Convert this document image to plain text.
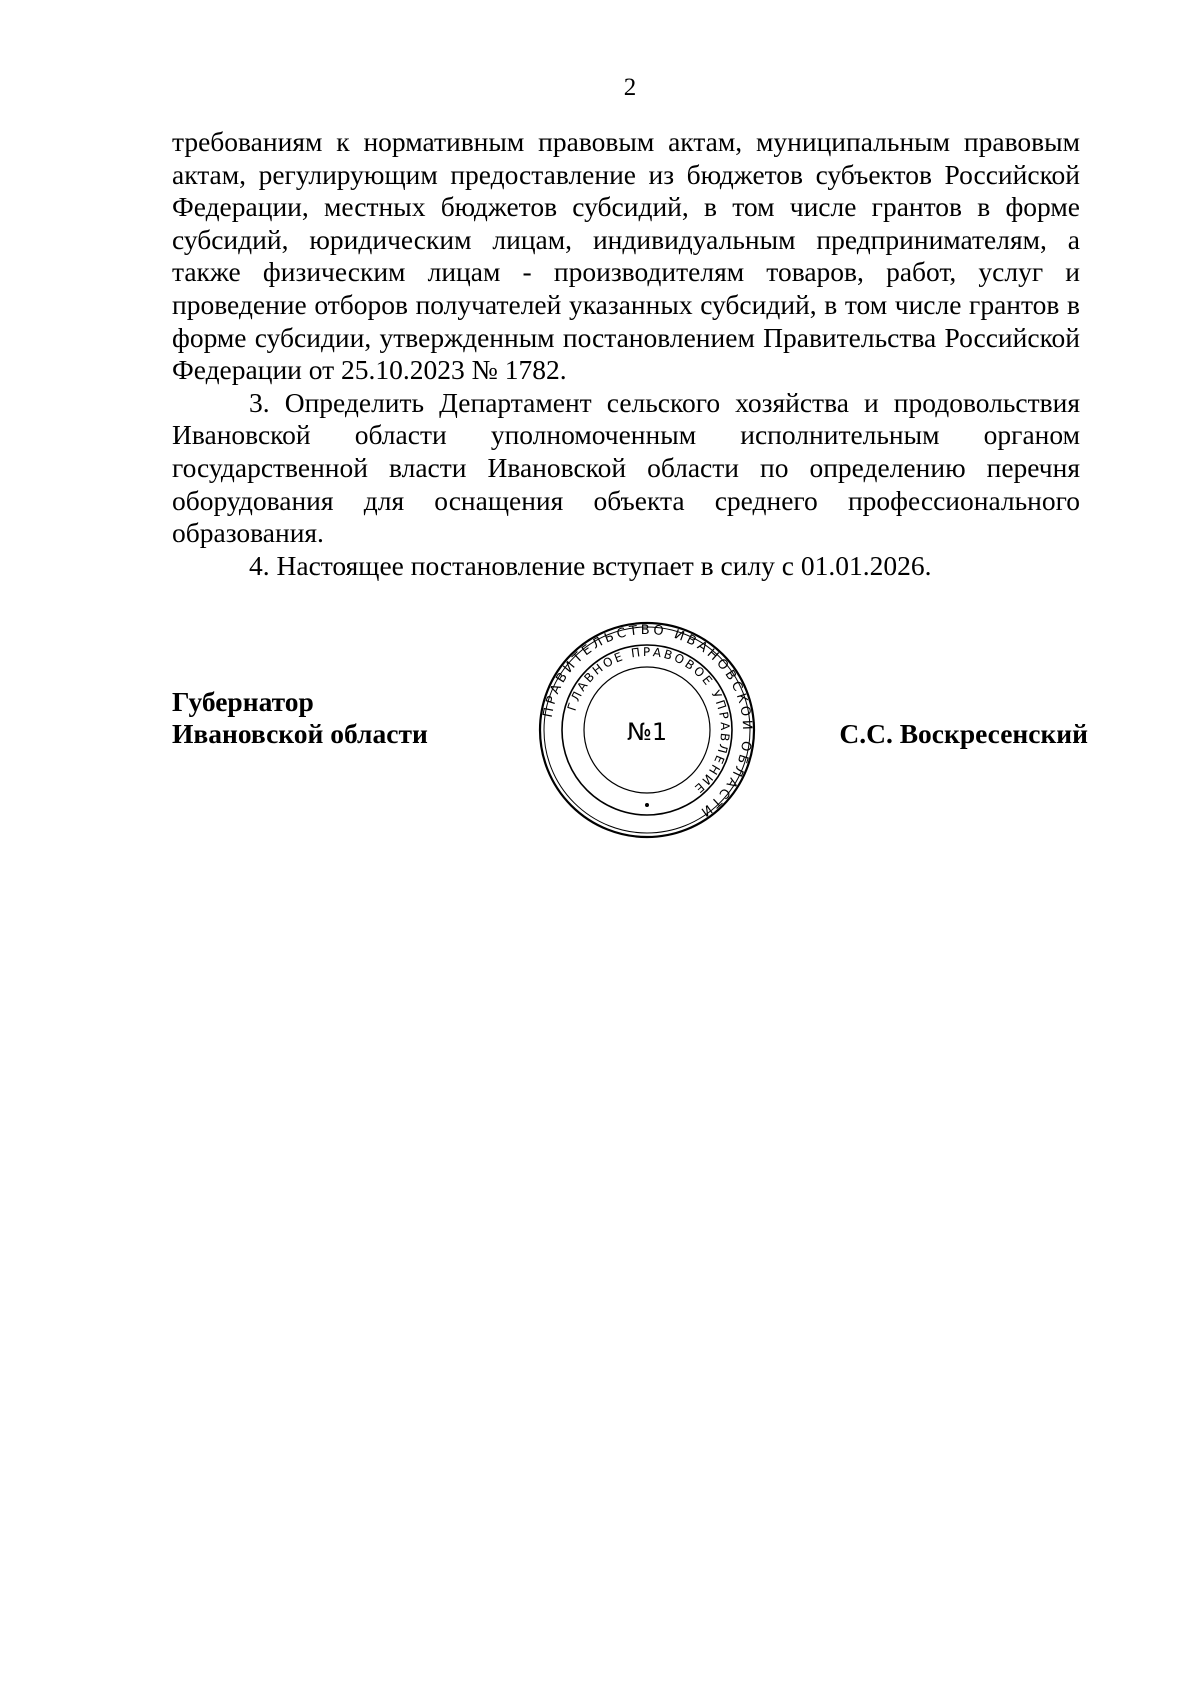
2

требованиям к нормативным правовым актам, муниципальным правовым актам, регулирующим предоставление из бюджетов субъектов Российской Федерации, местных бюджетов субсидий, в том числе грантов в форме субсидий, юридическим лицам, индивидуальным предпринимателям, а также физическим лицам - производителям товаров, работ, услуг и проведение отборов получателей указанных субсидий, в том числе грантов в форме субсидии, утвержденным постановлением Правительства Российской Федерации от 25.10.2023 № 1782.

3. Определить Департамент сельского хозяйства и продовольствия Ивановской области уполномоченным исполнительным органом государственной власти Ивановской области по определению перечня оборудования для оснащения объекта среднего профессионального образования.

4. Настоящее постановление вступает в силу с 01.01.2026.

Губернатор
Ивановской области	С.С. Воскресенский
ПРАВИТЕЛЬСТВО ИВАНОВСКОЙ ОБЛАСТИ
ГЛАВНОЕ ПРАВОВОЕ УПРАВЛЕНИЕ
№1
